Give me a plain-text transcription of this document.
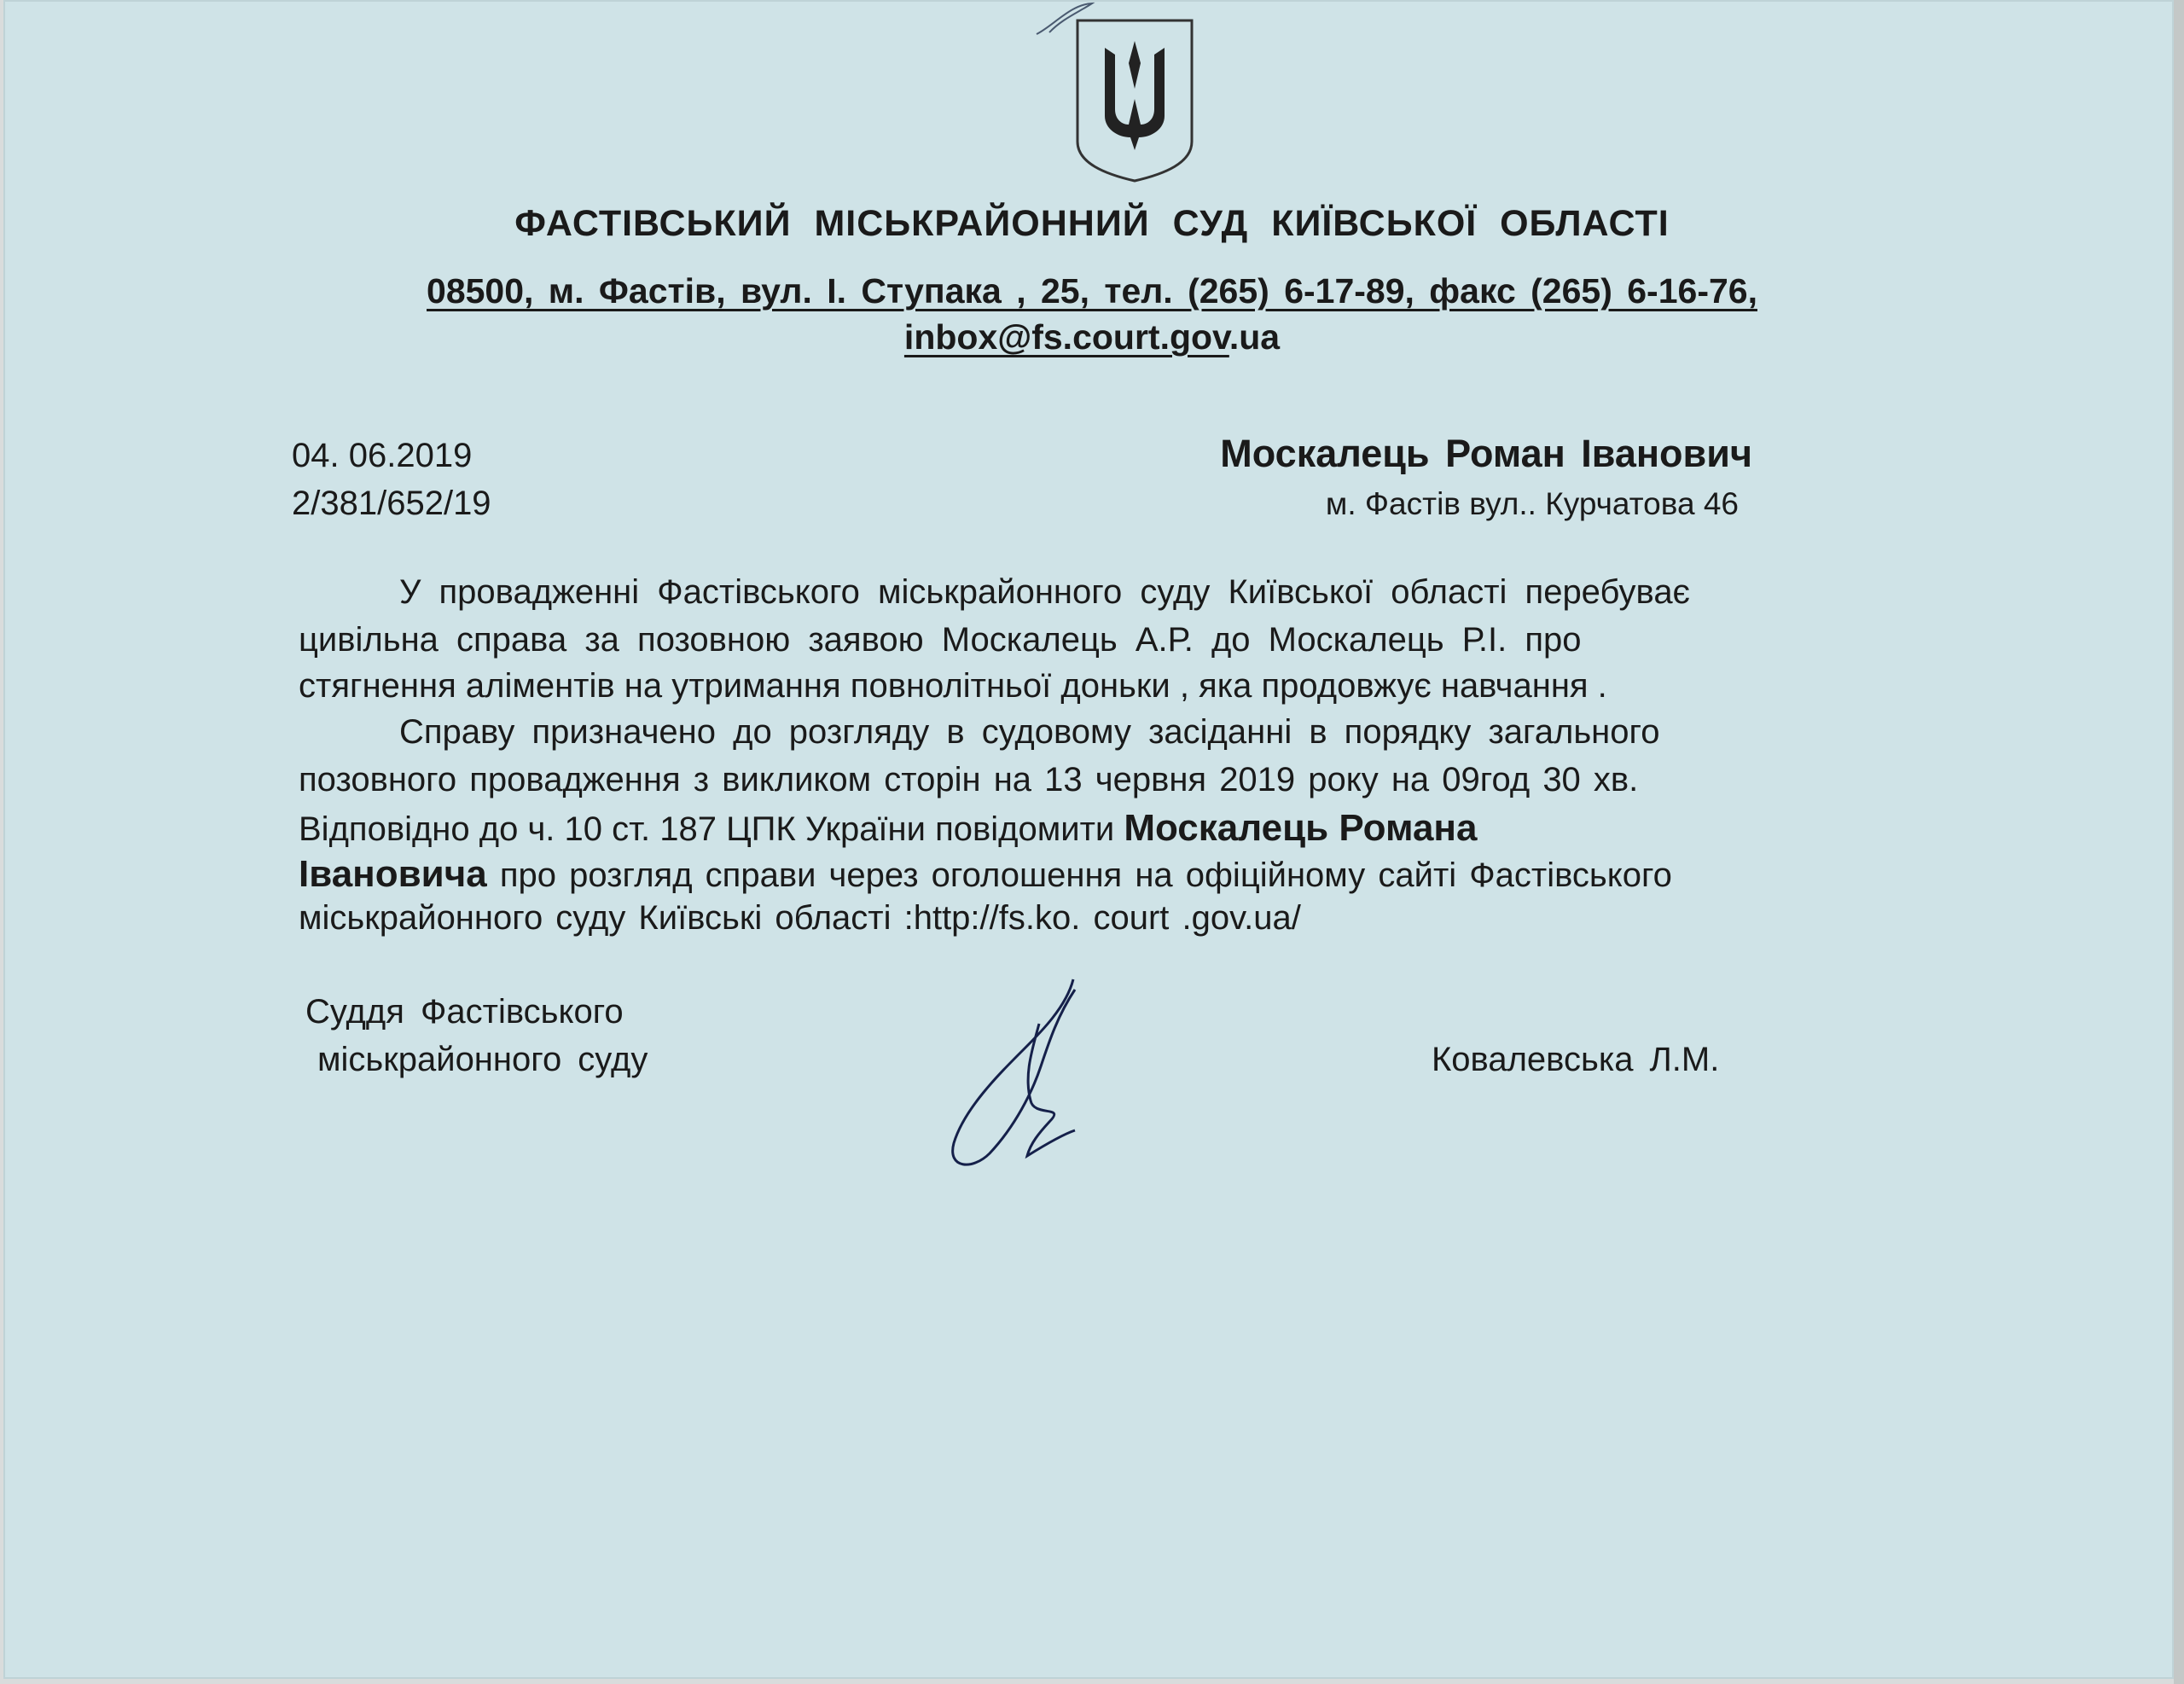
ФАСТІВСЬКИЙ МІСЬКРАЙОННИЙ СУД КИЇВСЬКОЇ ОБЛАСТІ
08500, м. Фастів, вул. І. Ступака , 25, тел. (265) 6-17-89, факс (265) 6-16-76,
inbox@fs.court.gov.ua
04. 06.2019
2/381/652/19
Москалець Роман Іванович
м. Фастів вул.. Курчатова 46
У провадженні Фастівського міськрайонного суду Київської області перебуває
цивільна справа за позовною заявою Москалець А.Р. до Москалець Р.І. про
стягнення аліментів на утримання повнолітньої доньки , яка продовжує навчання .
Справу призначено до розгляду в судовому засіданні в порядку загального
позовного провадження з викликом сторін на 13 червня 2019 року на 09год 30 хв.
Відповідно до ч. 10 ст. 187 ЦПК України повідомити Москалець Романа
Івановича про розгляд справи через оголошення на офіційному сайті Фастівського
міськрайонного суду Київські області :http://fs.ko. court .gov.ua/
Суддя Фастівського
міськрайонного суду	Ковалевська Л.М.
